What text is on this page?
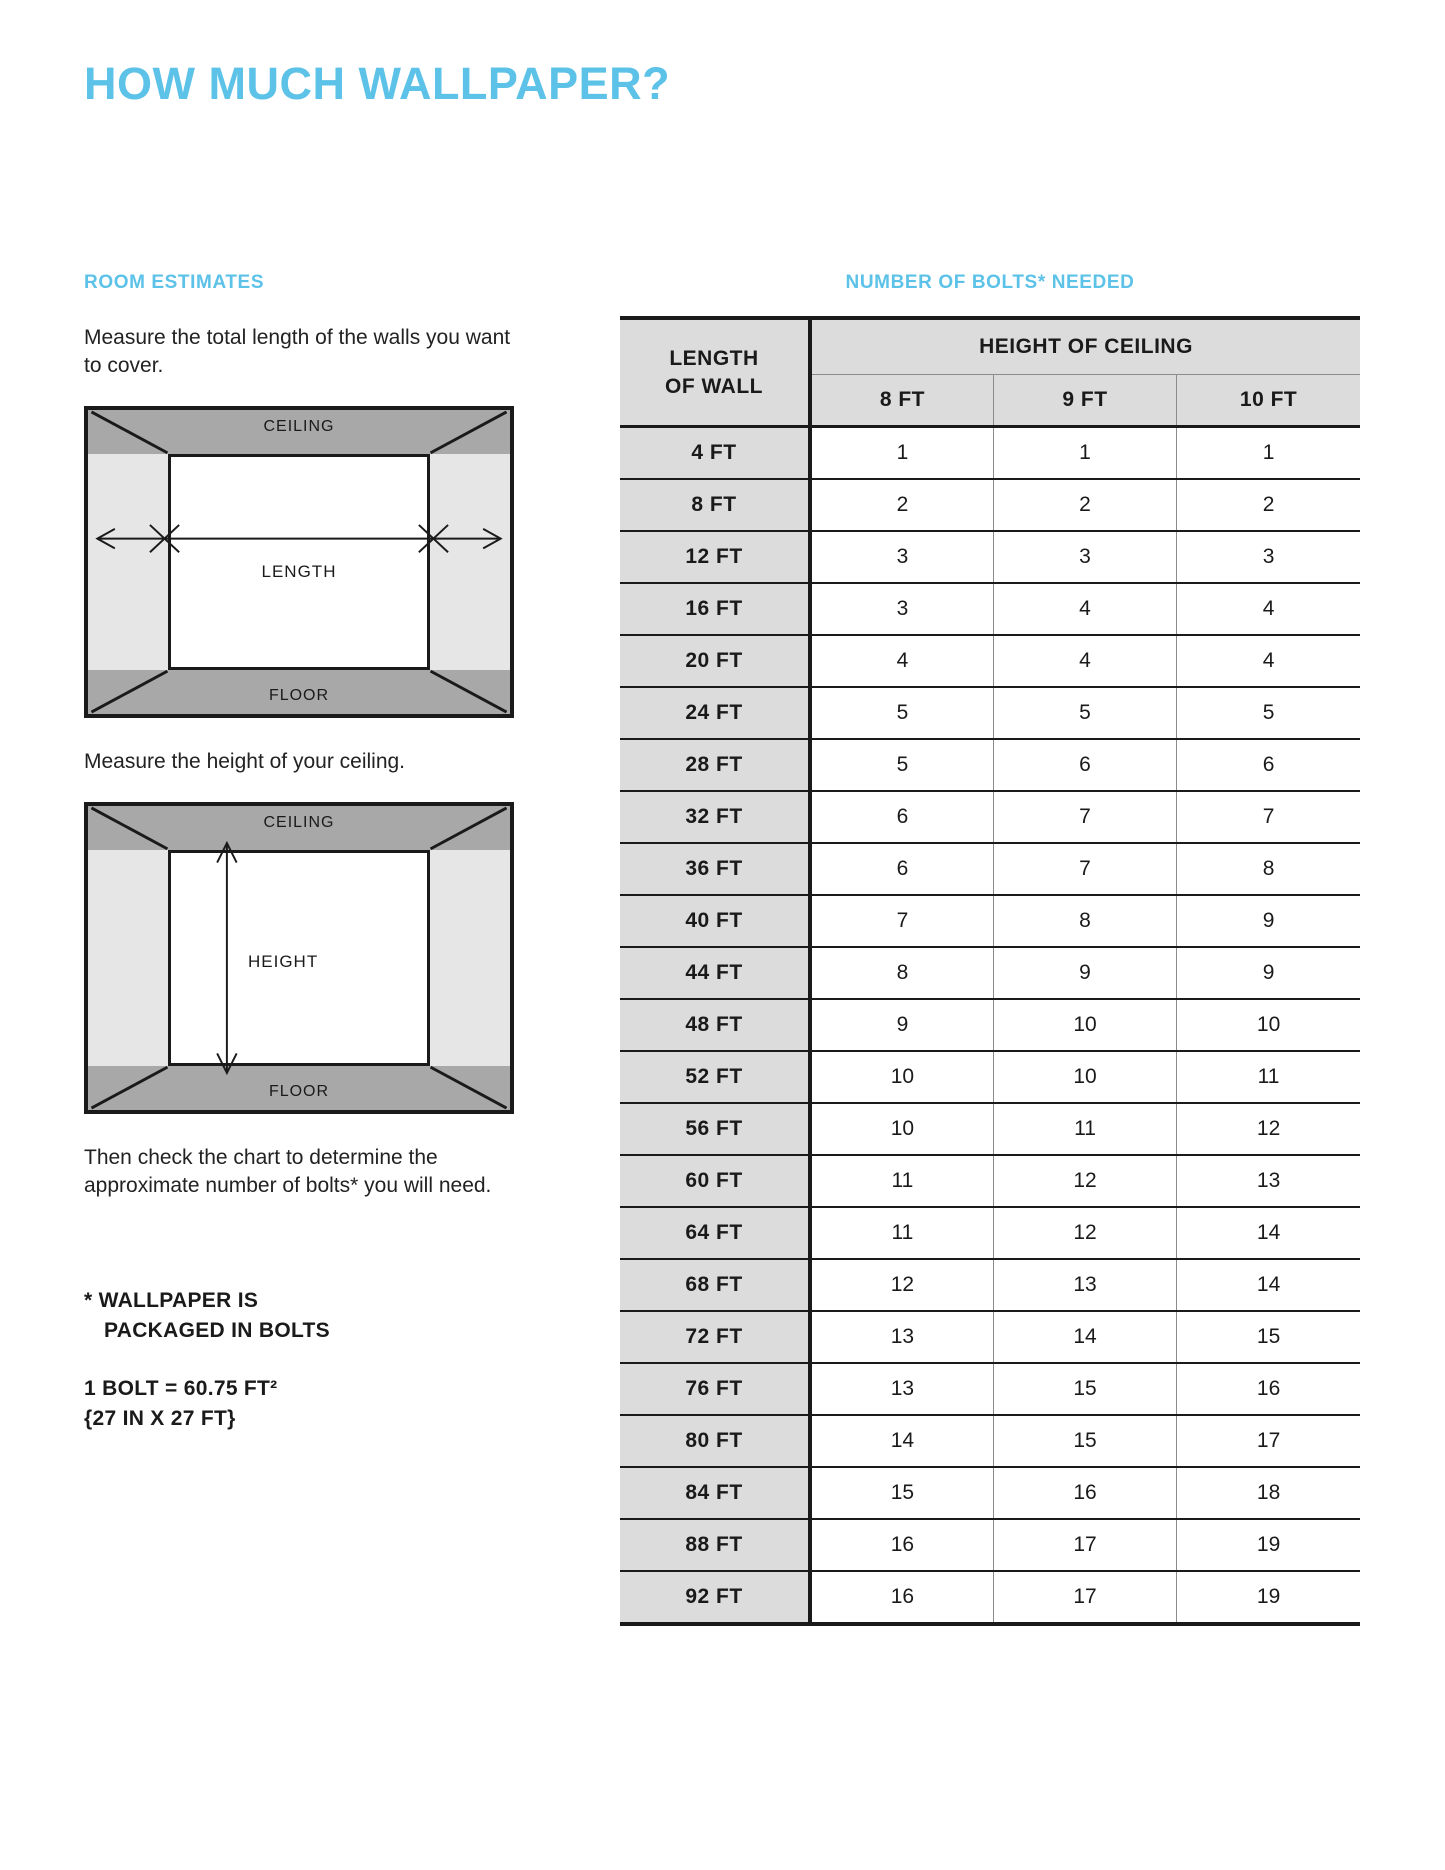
HOW MUCH WALLPAPER?
ROOM ESTIMATES
Measure the total length of the walls you want to cover.
CEILING
FLOOR
LENGTH
Measure the height of your ceiling.
CEILING
FLOOR
HEIGHT
Then check the chart to determine the approximate number of bolts* you will need.
* WALLPAPER IS
PACKAGED IN BOLTS
1 BOLT = 60.75 FT²
{27 IN X 27 FT}
NUMBER OF BOLTS* NEEDED
LENGTH
OF WALL	HEIGHT OF CEILING		
	8 FT	9 FT	10 FT
4 FT	1	1	1
8 FT	2	2	2
12 FT	3	3	3
16 FT	3	4	4
20 FT	4	4	4
24 FT	5	5	5
28 FT	5	6	6
32 FT	6	7	7
36 FT	6	7	8
40 FT	7	8	9
44 FT	8	9	9
48 FT	9	10	10
52 FT	10	10	11
56 FT	10	11	12
60 FT	11	12	13
64 FT	11	12	14
68 FT	12	13	14
72 FT	13	14	15
76 FT	13	15	16
80 FT	14	15	17
84 FT	15	16	18
88 FT	16	17	19
92 FT	16	17	19
